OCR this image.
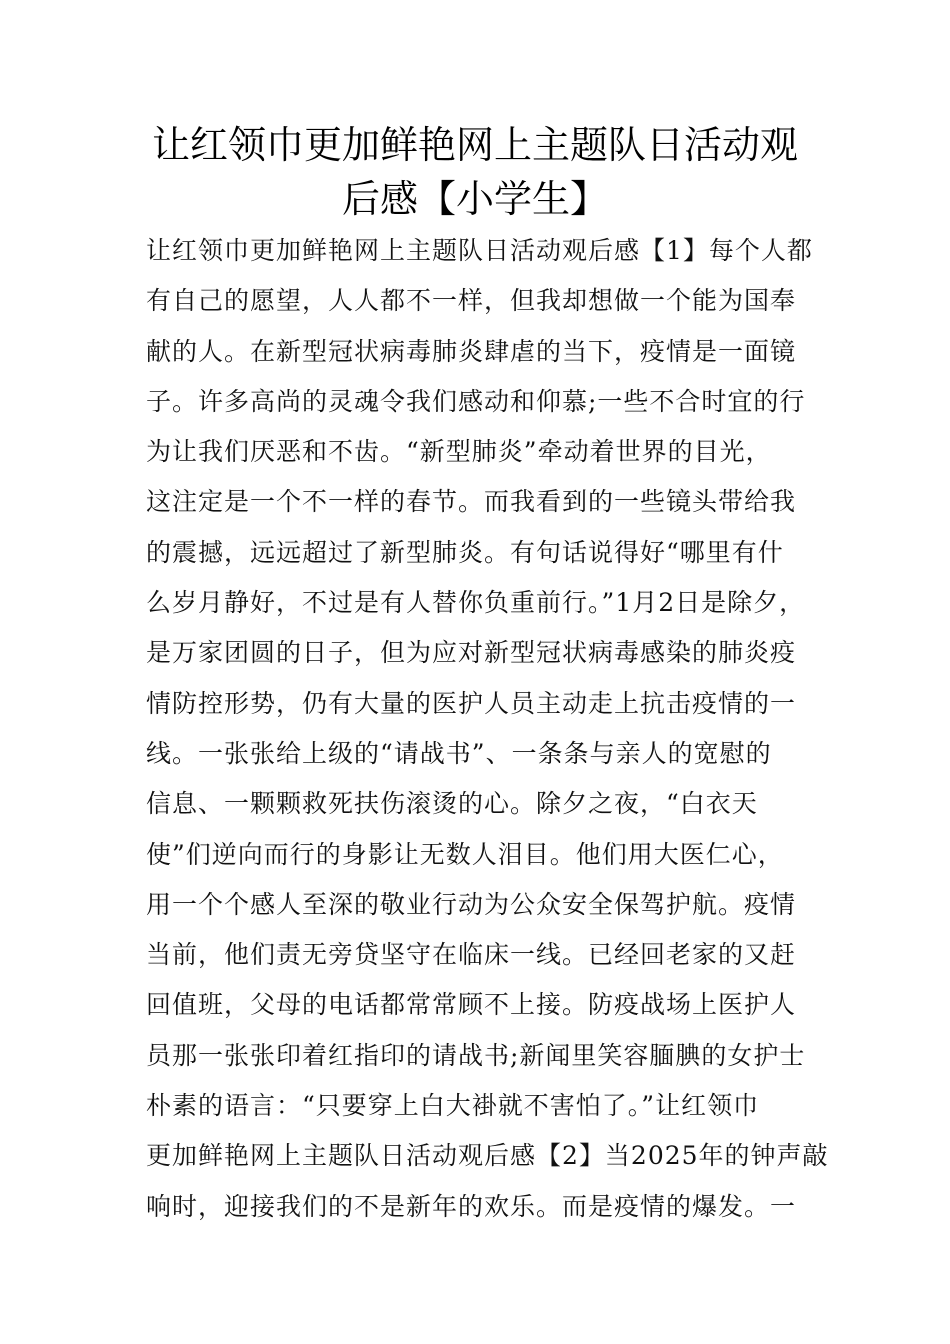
让红领巾更加鲜艳网上主题队日活动观
后感【小学生】
让红领巾更加鲜艳网上主题队日活动观后感【1】每个人都
有自己的愿望，人人都不一样，但我却想做一个能为国奉
献的人。在新型冠状病毒肺炎肆虐的当下，疫情是一面镜
子。许多高尚的灵魂令我们感动和仰慕;一些不合时宜的行
为让我们厌恶和不齿。“新型肺炎”牵动着世界的目光，
这注定是一个不一样的春节。而我看到的一些镜头带给我
的震撼，远远超过了新型肺炎。有句话说得好“哪里有什
么岁月静好，不过是有人替你负重前行。”1月2日是除夕，
是万家团圆的日子，但为应对新型冠状病毒感染的肺炎疫
情防控形势，仍有大量的医护人员主动走上抗击疫情的一
线。一张张给上级的“请战书”、一条条与亲人的宽慰的
信息、一颗颗救死扶伤滚烫的心。除夕之夜，“白衣天
使”们逆向而行的身影让无数人泪目。他们用大医仁心，
用一个个感人至深的敬业行动为公众安全保驾护航。疫情
当前，他们责无旁贷坚守在临床一线。已经回老家的又赶
回值班，父母的电话都常常顾不上接。防疫战场上医护人
员那一张张印着红指印的请战书;新闻里笑容腼腆的女护士
朴素的语言：“只要穿上白大褂就不害怕了。”让红领巾
更加鲜艳网上主题队日活动观后感【2】当2025年的钟声敲
响时，迎接我们的不是新年的欢乐。而是疫情的爆发。一
